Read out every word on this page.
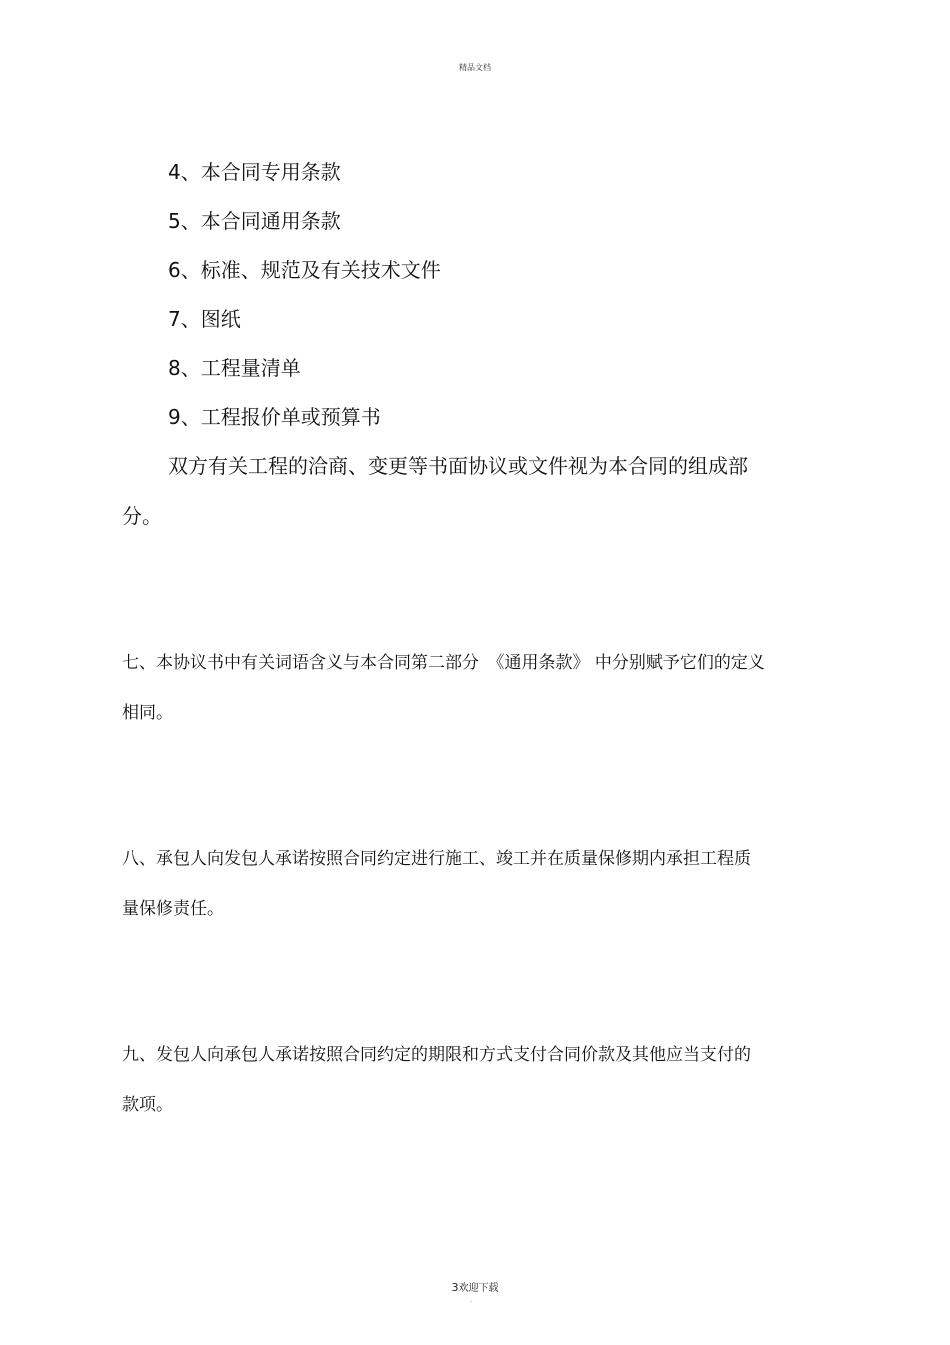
精品文档
4、本合同专用条款
5、本合同通用条款
6、标准、规范及有关技术文件
7、图纸
8、工程量清单
9、工程报价单或预算书
双方有关工程的洽商、变更等书面协议或文件视为本合同的组成部
分。
七、本协议书中有关词语含义与本合同第二部分　《通用条款》 中分别赋予它们的定义
相同。
八、承包人向发包人承诺按照合同约定进行施工、竣工并在质量保修期内承担工程质
量保修责任。
九、发包人向承包人承诺按照合同约定的期限和方式支付合同价款及其他应当支付的
款项。
3欢迎下载
。
